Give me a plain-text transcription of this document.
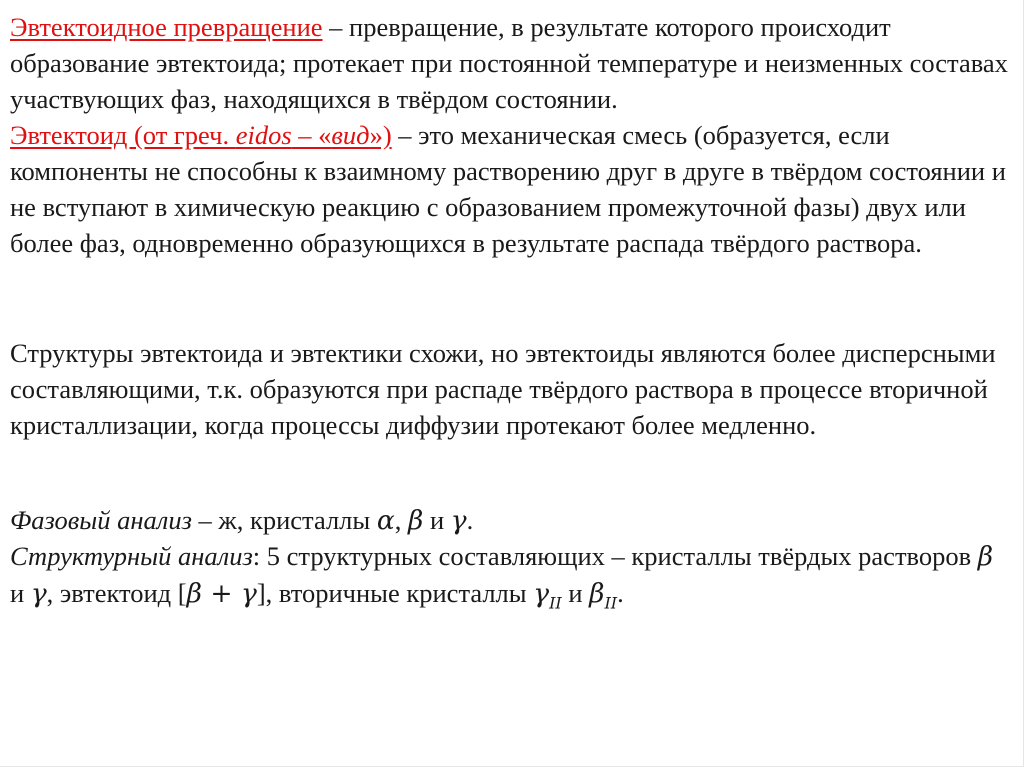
Эвтектоидное превращение – превращение, в результате которого происходит образование эвтектоида; протекает при постоянной температуре и неизменных составах участвующих фаз, находящихся в твёрдом состоянии.

Эвтектоид (от греч. eidos – «вид») – это механическая смесь (образуется, если компоненты не способны к взаимному растворению друг в друге в твёрдом состоянии и не вступают в химическую реакцию с образованием промежуточной фазы) двух или более фаз, одновременно образующихся в результате распада твёрдого раствора.

Структуры эвтектоида и эвтектики схожи, но эвтектоиды являются более дисперсными составляющими, т.к. образуются при распаде твёрдого раствора в процессе вторичной кристаллизации, когда процессы диффузии протекают более медленно.

Фазовый анализ – ж, кристаллы α, β и γ.

Структурный анализ: 5 структурных составляющих – кристаллы твёрдых растворов β и γ, эвтектоид [β + γ], вторичные кристаллы $\gamma_{II}$ и $\beta_{II}$.
